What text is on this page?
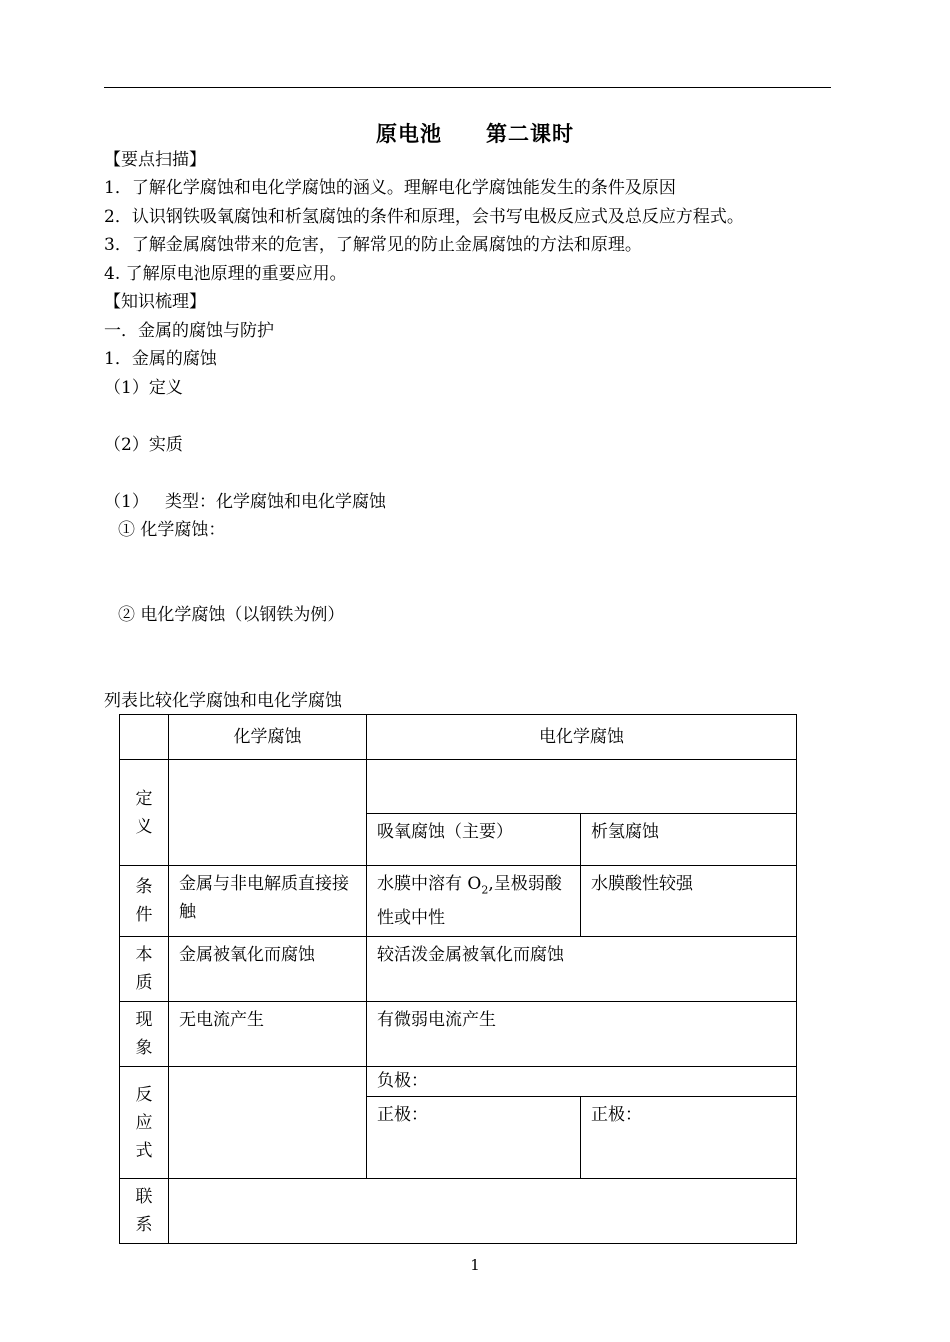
原电池 第二课时
【要点扫描】
1．了解化学腐蚀和电化学腐蚀的涵义。理解电化学腐蚀能发生的条件及原因
2．认识钢铁吸氧腐蚀和析氢腐蚀的条件和原理，会书写电极反应式及总反应方程式。
3．了解金属腐蚀带来的危害，了解常见的防止金属腐蚀的方法和原理。
4. 了解原电池原理的重要应用。
【知识梳理】
一．金属的腐蚀与防护
1．金属的腐蚀
（1）定义
（2）实质
（1）   类型：化学腐蚀和电化学腐蚀
① 化学腐蚀：
② 电化学腐蚀（以钢铁为例）
列表比较化学腐蚀和电化学腐蚀
	化学腐蚀	电化学腐蚀	

定
义			

		吸氧腐蚀（主要）	析氢腐蚀

条
件	金属与非电解质直接接触	水膜中溶有 $O_2$,呈极弱酸性或中性	水膜酸性较强

本
质	金属被氧化而腐蚀	较活泼金属被氧化而腐蚀	

现
象	无电流产生	有微弱电流产生	

反
应
式		负极：	
		正极：	正极：

联
系			

1
